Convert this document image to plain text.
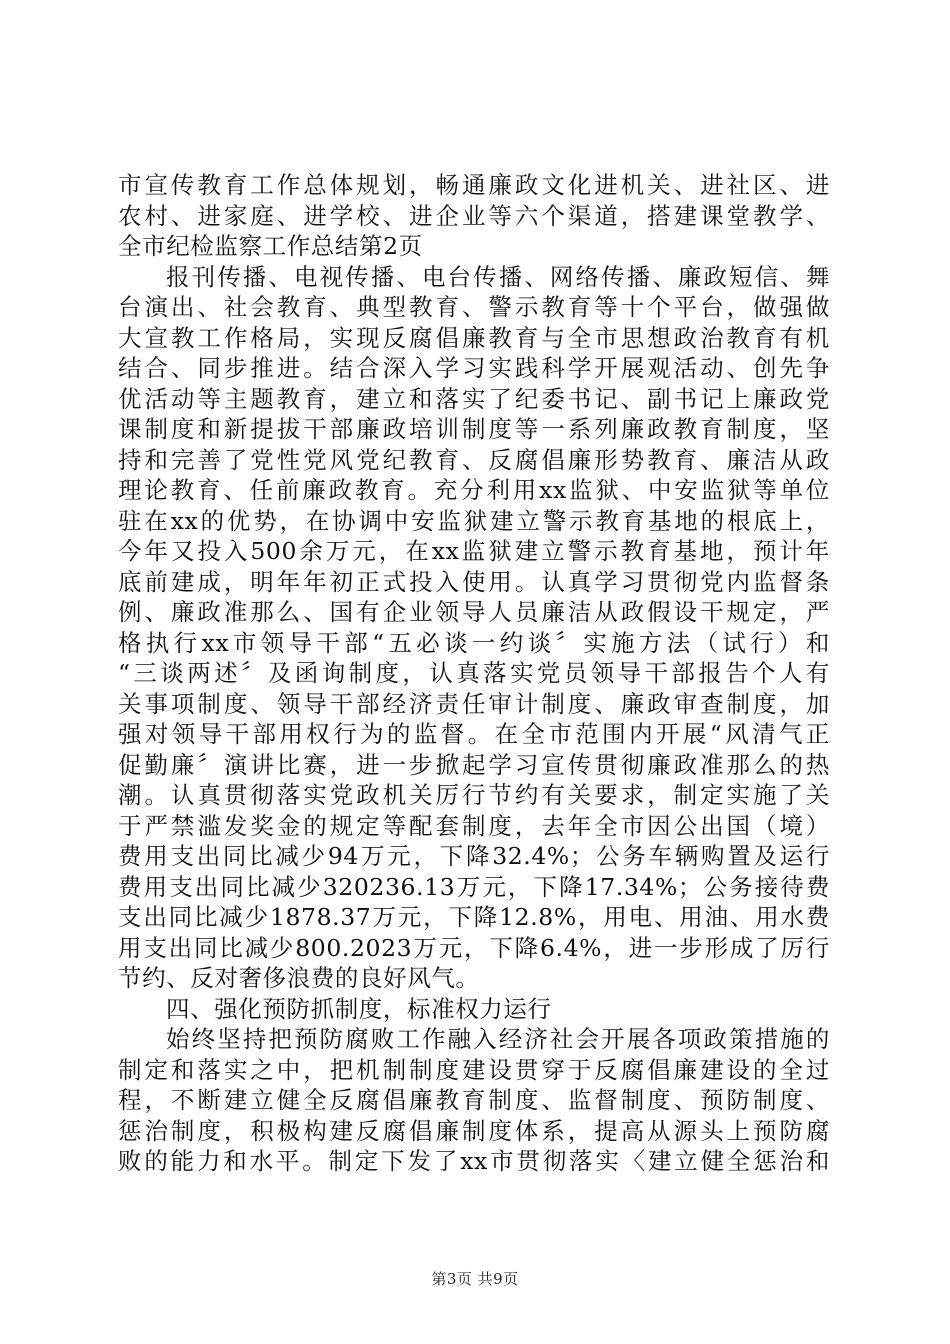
市宣传教育工作总体规划，畅通廉政文化进机关、进社区、进

农村、进家庭、进学校、进企业等六个渠道，搭建课堂教学、

全市纪检监察工作总结第2页

报刊传播、电视传播、电台传播、网络传播、廉政短信、舞

台演出、社会教育、典型教育、警示教育等十个平台，做强做

大宣教工作格局，实现反腐倡廉教育与全市思想政治教育有机

结合、同步推进。结合深入学习实践科学开展观活动、创先争

优活动等主题教育，建立和落实了纪委书记、副书记上廉政党

课制度和新提拔干部廉政培训制度等一系列廉政教育制度，坚

持和完善了党性党风党纪教育、反腐倡廉形势教育、廉洁从政

理论教育、任前廉政教育。充分利用xx监狱、中安监狱等单位

驻在xx的优势，在协调中安监狱建立警示教育基地的根底上，

今年又投入500余万元，在xx监狱建立警示教育基地，预计年

底前建成，明年年初正式投入使用。认真学习贯彻党内监督条

例、廉政准那么、国有企业领导人员廉洁从政假设干规定，严

格执行xx市领导干部“五必谈一约谈〞实施方法（试行）和

“三谈两述〞及函询制度，认真落实党员领导干部报告个人有

关事项制度、领导干部经济责任审计制度、廉政审查制度，加

强对领导干部用权行为的监督。在全市范围内开展“风清气正

促勤廉〞演讲比赛，进一步掀起学习宣传贯彻廉政准那么的热

潮。认真贯彻落实党政机关厉行节约有关要求，制定实施了关

于严禁滥发奖金的规定等配套制度，去年全市因公出国（境）

费用支出同比减少94万元，下降32.4%；公务车辆购置及运行

费用支出同比减少320236.13万元，下降17.34%；公务接待费

支出同比减少1878.37万元，下降12.8%，用电、用油、用水费

用支出同比减少800.2023万元，下降6.4%，进一步形成了厉行

节约、反对奢侈浪费的良好风气。

四、强化预防抓制度，标准权力运行

始终坚持把预防腐败工作融入经济社会开展各项政策措施的

制定和落实之中，把机制制度建设贯穿于反腐倡廉建设的全过

程，不断建立健全反腐倡廉教育制度、监督制度、预防制度、

惩治制度，积极构建反腐倡廉制度体系，提高从源头上预防腐

败的能力和水平。制定下发了xx市贯彻落实〈建立健全惩治和

第3页 共9页
